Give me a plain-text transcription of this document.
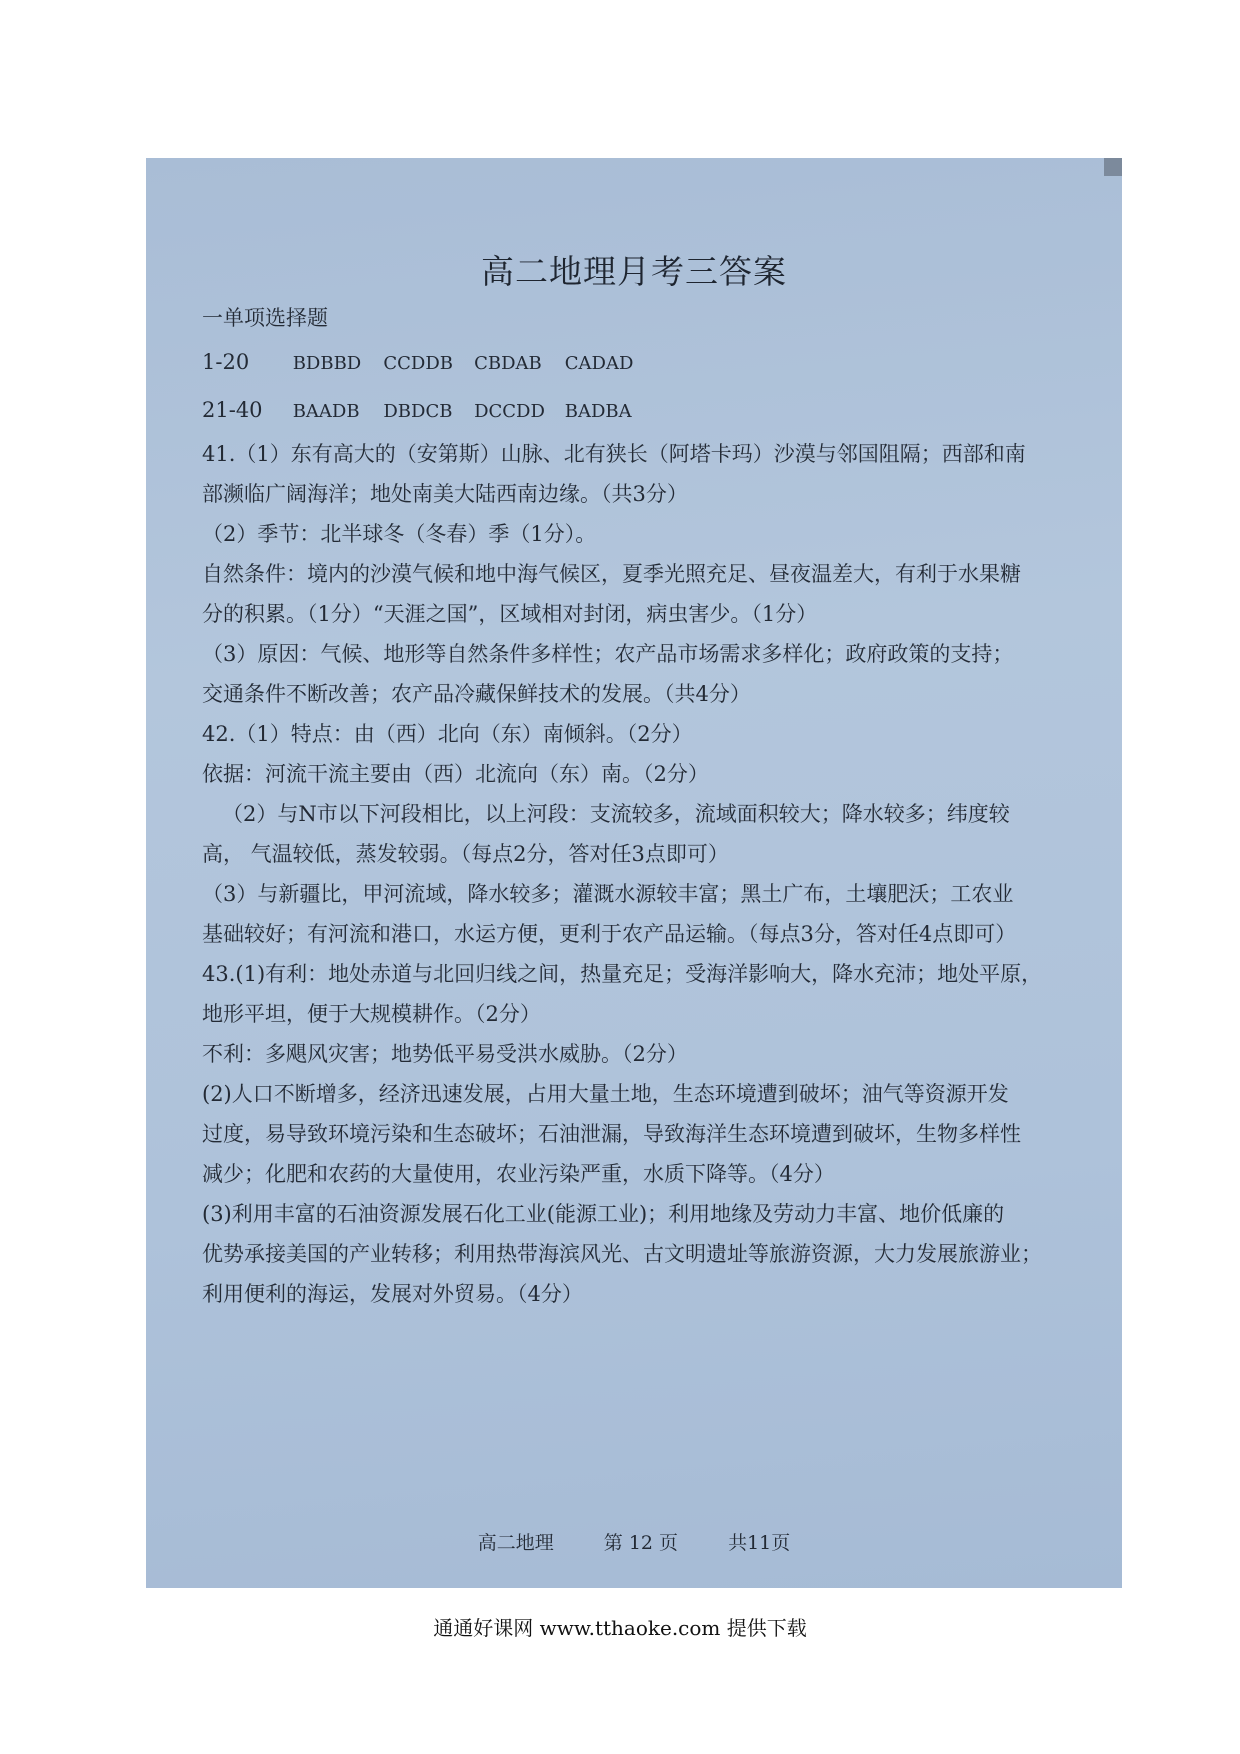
高二地理月考三答案
一单项选择题
1-20 BDBBD CCDDB CBDAB CADAD
21-40 BAADB DBDCB DCCDD BADBA
41.（1）东有高大的（安第斯）山脉、北有狭长（阿塔卡玛）沙漠与邻国阻隔；西部和南
部濒临广阔海洋；地处南美大陆西南边缘。（共3分）
（2）季节：北半球冬（冬春）季（1分）。
自然条件：境内的沙漠气候和地中海气候区，夏季光照充足、昼夜温差大，有利于水果糖
分的积累。（1分）“天涯之国”，区域相对封闭，病虫害少。（1分）
（3）原因：气候、地形等自然条件多样性；农产品市场需求多样化；政府政策的支持；
交通条件不断改善；农产品冷藏保鲜技术的发展。（共4分）
42.（1）特点：由（西）北向（东）南倾斜。（2分）
依据：河流干流主要由（西）北流向（东）南。（2分）
（2）与N市以下河段相比，以上河段：支流较多，流域面积较大；降水较多；纬度较
高， 气温较低，蒸发较弱。（每点2分，答对任3点即可）
（3）与新疆比，甲河流域，降水较多；灌溉水源较丰富；黑土广布，土壤肥沃；工农业
基础较好；有河流和港口，水运方便，更利于农产品运输。（每点3分，答对任4点即可）
43.(1)有利：地处赤道与北回归线之间，热量充足；受海洋影响大，降水充沛；地处平原，
地形平坦，便于大规模耕作。（2分）
不利：多飓风灾害；地势低平易受洪水威胁。（2分）
(2)人口不断增多，经济迅速发展，占用大量土地，生态环境遭到破坏；油气等资源开发
过度，易导致环境污染和生态破坏；石油泄漏，导致海洋生态环境遭到破坏，生物多样性
减少；化肥和农药的大量使用，农业污染严重，水质下降等。（4分）
(3)利用丰富的石油资源发展石化工业(能源工业)；利用地缘及劳动力丰富、地价低廉的
优势承接美国的产业转移；利用热带海滨风光、古文明遗址等旅游资源，大力发展旅游业；
利用便利的海运，发展对外贸易。（4分）
高二地理	第 12 页	共11页
通通好课网 www.tthaoke.com 提供下载
